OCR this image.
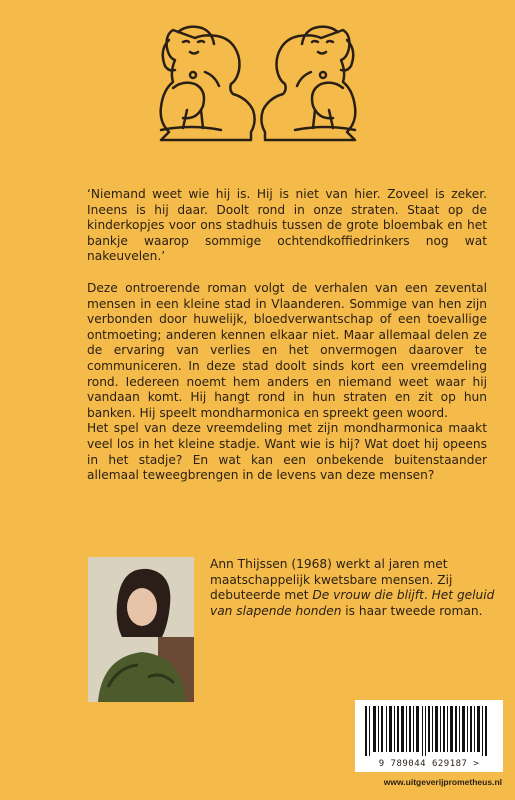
‘Niemand weet wie hij is. Hij is niet van hier. Zoveel is zeker. Ineens is hij daar. Doolt rond in onze straten. Staat op de kinderkopjes voor ons stadhuis tussen de grote bloembak en het bankje waarop sommige ochtendkoffiedrinkers nog wat nakeuvelen.’

Deze ontroerende roman volgt de verhalen van een zevental mensen in een kleine stad in Vlaanderen. Sommige van hen zijn verbonden door huwelijk, bloedverwantschap of een toevallige ontmoeting; anderen kennen elkaar niet. Maar allemaal delen ze de ervaring van verlies en het onvermogen daarover te communiceren. In deze stad doolt sinds kort een vreemdeling rond. Iedereen noemt hem anders en niemand weet waar hij vandaan komt. Hij hangt rond in hun straten en zit op hun banken. Hij speelt mondharmonica en spreekt geen woord.

Het spel van deze vreemdeling met zijn mondharmonica maakt veel los in het kleine stadje. Want wie is hij? Wat doet hij opeens in het stadje? En wat kan een onbekende buitenstaander allemaal teweegbrengen in de levens van deze mensen?

Ann Thijssen (1968) werkt al jaren met maatschappelijk kwetsbare mensen. Zij debuteerde met De vrouw die blijft. Het geluid van slapende honden is haar tweede roman.
9 789044 629187 >
www.uitgeverijprometheus.nl
